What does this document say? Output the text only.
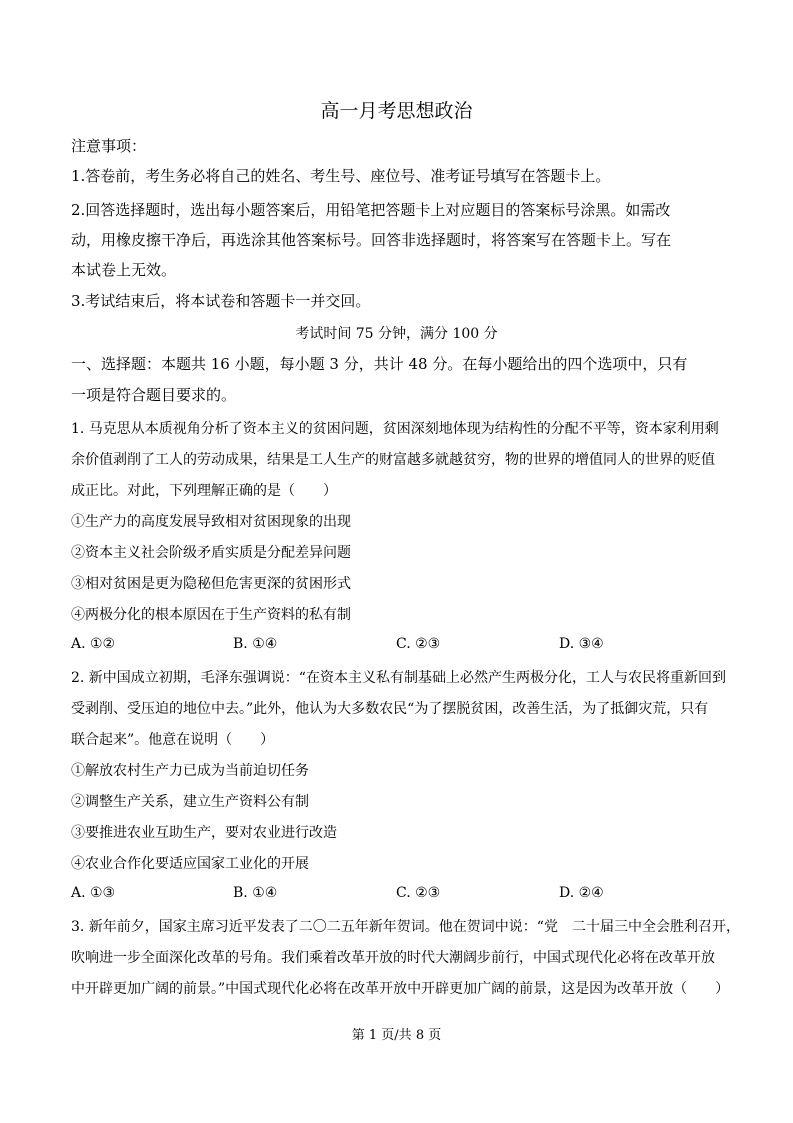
高一月考思想政治
注意事项：
1.答卷前，考生务必将自己的姓名、考生号、座位号、准考证号填写在答题卡上。
2.回答选择题时，选出每小题答案后，用铅笔把答题卡上对应题目的答案标号涂黑。如需改
动，用橡皮擦干净后，再选涂其他答案标号。回答非选择题时，将答案写在答题卡上。写在
本试卷上无效。
3.考试结束后，将本试卷和答题卡一并交回。
考试时间 75 分钟，满分 100 分
一、选择题：本题共 16 小题，每小题 3 分，共计 48 分。在每小题给出的四个选项中，只有
一项是符合题目要求的。
1. 马克思从本质视角分析了资本主义的贫困问题，贫困深刻地体现为结构性的分配不平等，资本家利用剩
余价值剥削了工人的劳动成果，结果是工人生产的财富越多就越贫穷，物的世界的增值同人的世界的贬值
成正比。对此，下列理解正确的是（　　）
①生产力的高度发展导致相对贫困现象的出现
②资本主义社会阶级矛盾实质是分配差异问题
③相对贫困是更为隐秘但危害更深的贫困形式
④两极分化的根本原因在于生产资料的私有制
A. ①②	B. ①④	C. ②③	D. ③④
2. 新中国成立初期，毛泽东强调说：“在资本主义私有制基础上必然产生两极分化，工人与农民将重新回到
受剥削、受压迫的地位中去。”此外，他认为大多数农民“为了摆脱贫困，改善生活，为了抵御灾荒，只有
联合起来”。他意在说明（　　）
①解放农村生产力已成为当前迫切任务
②调整生产关系，建立生产资料公有制
③要推进农业互助生产，要对农业进行改造
④农业合作化要适应国家工业化的开展
A. ①③	B. ①④	C. ②③	D. ②④
3. 新年前夕，国家主席习近平发表了二〇二五年新年贺词。他在贺词中说：“党　二十届三中全会胜利召开，
吹响进一步全面深化改革的号角。我们乘着改革开放的时代大潮阔步前行，中国式现代化必将在改革开放
中开辟更加广阔的前景。”中国式现代化必将在改革开放中开辟更加广阔的前景，这是因为改革开放（　　）
第 1 页/共 8 页
